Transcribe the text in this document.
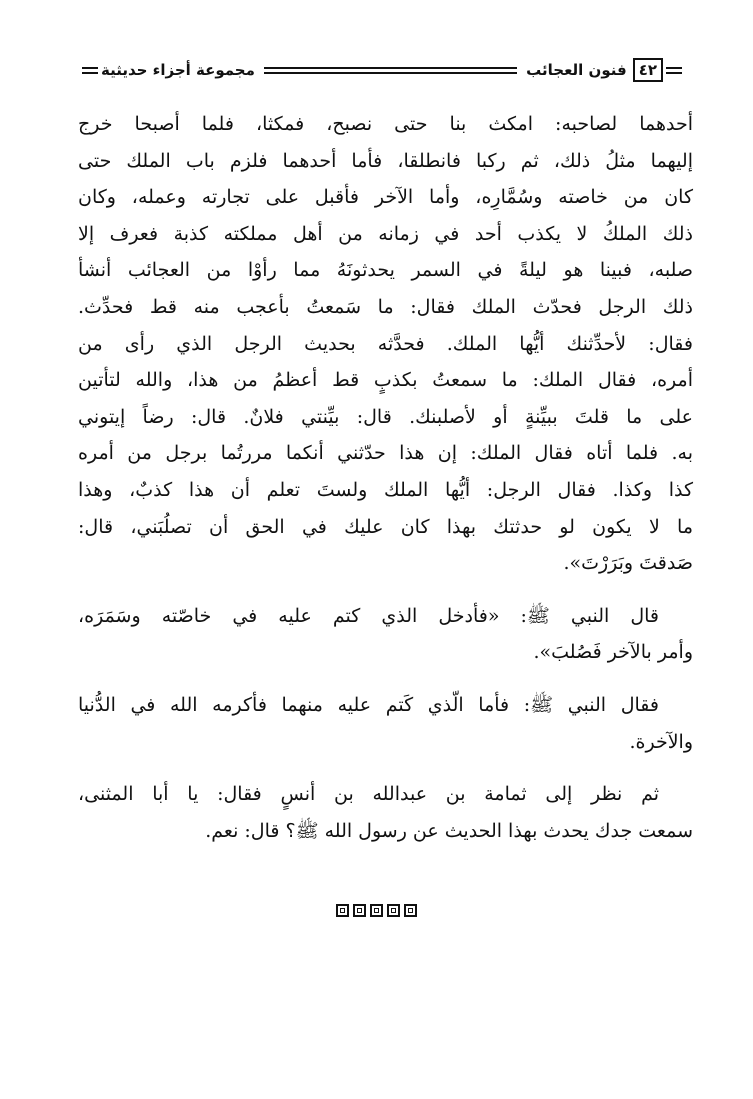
٤٢
فنون العجائب
مجموعة أجزاء حديثية
أحدهما لصاحبه: امكث بنا حتى نصبح، فمكثا، فلما أصبحا خرج
إليهما مثلُ ذلك، ثم ركبا فانطلقا، فأما أحدهما فلزم باب الملك حتى
كان من خاصته وسُمَّارِه، وأما الآخر فأقبل على تجارته وعمله، وكان
ذلك الملكُ لا يكذب أحد في زمانه من أهل مملكته كذبة فعرف إلا
صلبه، فبينا هو ليلةً في السمر يحدثونَهُ مما رأوْا من العجائب أنشأ
ذلك الرجل فحدّث الملك فقال: ما سَمعتُ بأعجب منه قط فحدِّث.
فقال: لأحدِّثنك أيُّها الملك. فحدَّثه بحديث الرجل الذي رأى من
أمره، فقال الملك: ما سمعتُ بكذبٍ قط أعظمُ من هذا، والله لتأتين
على ما قلتَ ببيِّنةٍ أو لأصلبنك. قال: بيِّنتي فلانٌ. قال: رضاً إيتوني
به. فلما أتاه فقال الملك: إن هذا حدّثني أنكما مررتُما برجل من أمره
كذا وكذا. فقال الرجل: أيُّها الملك ولستَ تعلم أن هذا كذبٌ، وهذا
ما لا يكون لو حدثتك بهذا كان عليك في الحق أن تصلُبَني، قال:
صَدقتَ وبَرَرْتَ».
قال النبي ﷺ: «فأدخل الذي كتم عليه في خاصّته وسَمَرَه،
وأمر بالآخر فَصُلبَ».
فقال النبي ﷺ: فأما الّذي كَتم عليه منهما فأكرمه الله في الدُّنيا
والآخرة.
ثم نظر إلى ثمامة بن عبدالله بن أنسٍ فقال: يا أبا المثنى،
سمعت جدك يحدث بهذا الحديث عن رسول الله ﷺ؟ قال: نعم.
